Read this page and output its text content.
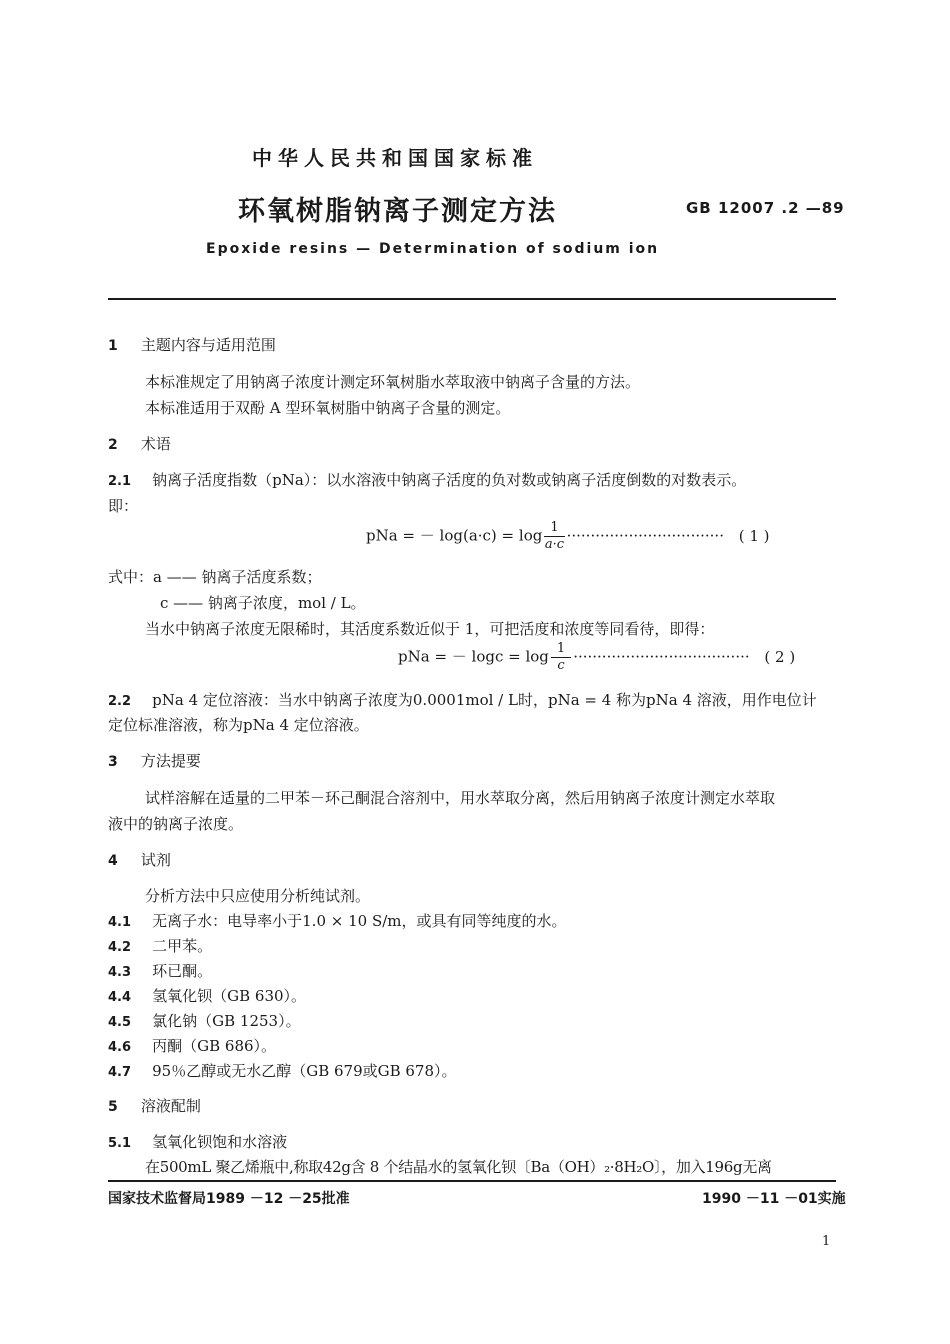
中华人民共和国国家标准
环氧树脂钠离子测定方法	GB 12007 .2 —89
Epoxide resins — Determination of sodium ion
1 主题内容与适用范围
本标准规定了用钠离子浓度计测定环氧树脂水萃取液中钠离子含量的方法。
本标准适用于双酚 A 型环氧树脂中钠离子含量的测定。
2 术语
2.1 钠离子活度指数（pNa）：以水溶液中钠离子活度的负对数或钠离子活度倒数的对数表示。
即：
pNa = － $\log(a\cdot c) = \log \frac{1}{a\cdot c}$ ································· ( 1 )
式中：a —— 钠离子活度系数；
c —— 钠离子浓度，mol / L。
当水中钠离子浓度无限稀时，其活度系数近似于 1，可把活度和浓度等同看待，即得：
pNa = － $\log c = \log \frac{1}{c}$ ····································· ( 2 )
2.2 pNa 4 定位溶液：当水中钠离子浓度为0.0001mol / L时，pNa = 4 称为pNa 4 溶液，用作电位计
定位标准溶液，称为pNa 4 定位溶液。
3 方法提要
试样溶解在适量的二甲苯－环己酮混合溶剂中，用水萃取分离，然后用钠离子浓度计测定水萃取
液中的钠离子浓度。
4 试剂
分析方法中只应使用分析纯试剂。
4.1 无离子水：电导率小于1.0 × 10 S/m，或具有同等纯度的水。
4.2 二甲苯。
4.3 环已酮。
4.4 氢氧化钡（GB 630）。
4.5 氯化钠（GB 1253）。
4.6 丙酮（GB 686）。
4.7 95％乙醇或无水乙醇（GB 679或GB 678）。
5 溶液配制
5.1 氢氧化钡饱和水溶液
在500mL 聚乙烯瓶中,称取42g含 8 个结晶水的氢氧化钡〔Ba（OH）₂·8H₂O〕，加入196g无离
国家技术监督局1989 －12 －25批准	1990 －11 －01实施
1
